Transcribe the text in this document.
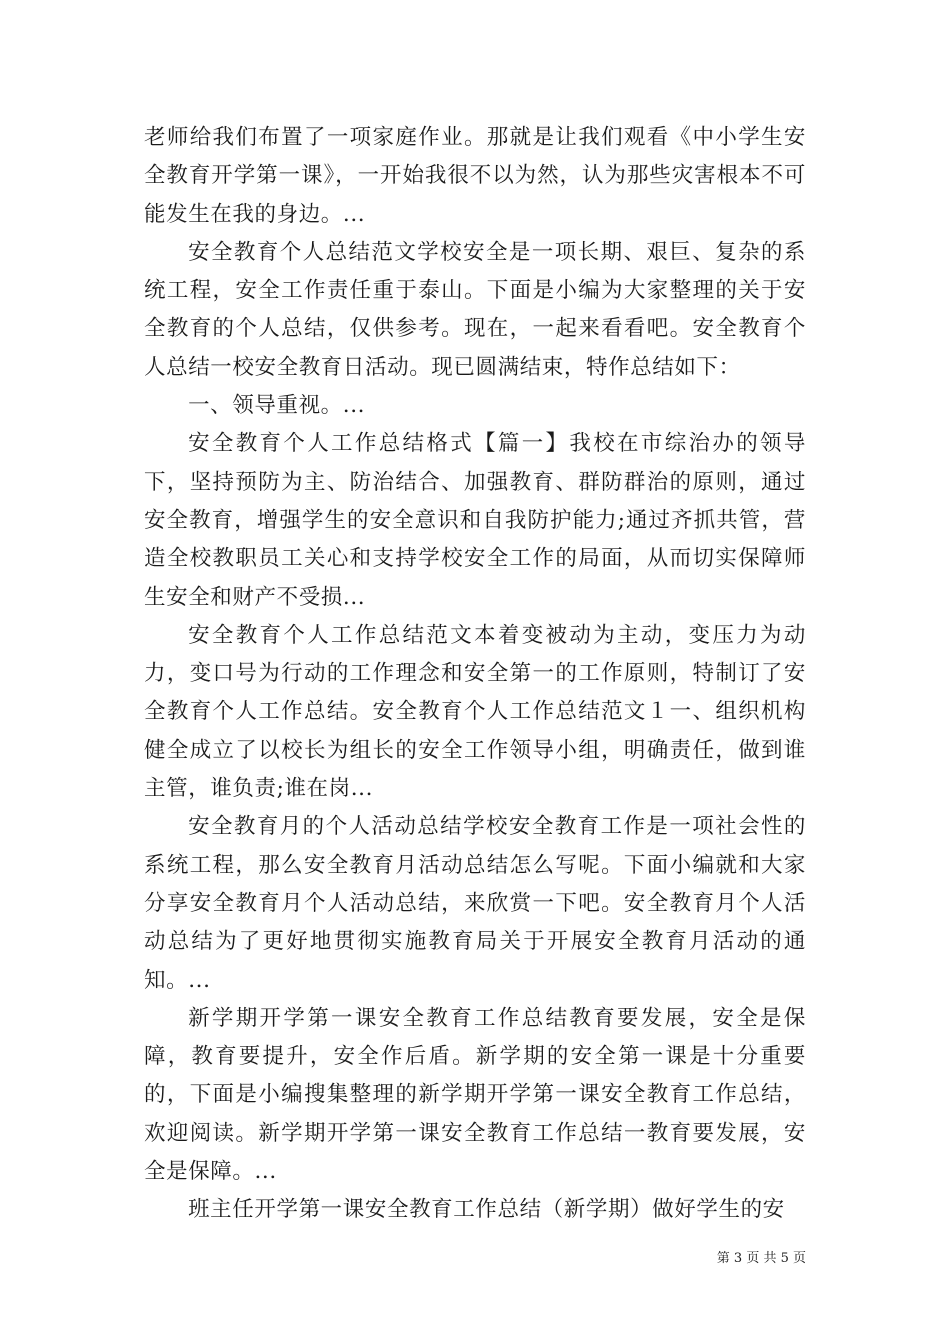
老师给我们布置了一项家庭作业。那就是让我们观看《中小学生安全教育开学第一课》，一开始我很不以为然，认为那些灾害根本不可能发生在我的身边。...

安全教育个人总结范文学校安全是一项长期、艰巨、复杂的系统工程，安全工作责任重于泰山。下面是小编为大家整理的关于安全教育的个人总结，仅供参考。现在，一起来看看吧。安全教育个人总结一校安全教育日活动。现已圆满结束，特作总结如下：

一、领导重视。...

安全教育个人工作总结格式【篇一】我校在市综治办的领导下，坚持预防为主、防治结合、加强教育、群防群治的原则，通过安全教育，增强学生的安全意识和自我防护能力;通过齐抓共管，营造全校教职员工关心和支持学校安全工作的局面，从而切实保障师生安全和财产不受损...

安全教育个人工作总结范文本着变被动为主动，变压力为动力，变口号为行动的工作理念和安全第一的工作原则，特制订了安全教育个人工作总结。安全教育个人工作总结范文１一、组织机构健全成立了以校长为组长的安全工作领导小组，明确责任，做到谁主管，谁负责;谁在岗...

安全教育月的个人活动总结学校安全教育工作是一项社会性的系统工程，那么安全教育月活动总结怎么写呢。下面小编就和大家分享安全教育月个人活动总结，来欣赏一下吧。安全教育月个人活动总结为了更好地贯彻实施教育局关于开展安全教育月活动的通知。...

新学期开学第一课安全教育工作总结教育要发展，安全是保障，教育要提升，安全作后盾。新学期的安全第一课是十分重要的，下面是小编搜集整理的新学期开学第一课安全教育工作总结，欢迎阅读。新学期开学第一课安全教育工作总结一教育要发展，安全是保障。...

班主任开学第一课安全教育工作总结（新学期）做好学生的安

第 3 页 共 5 页
